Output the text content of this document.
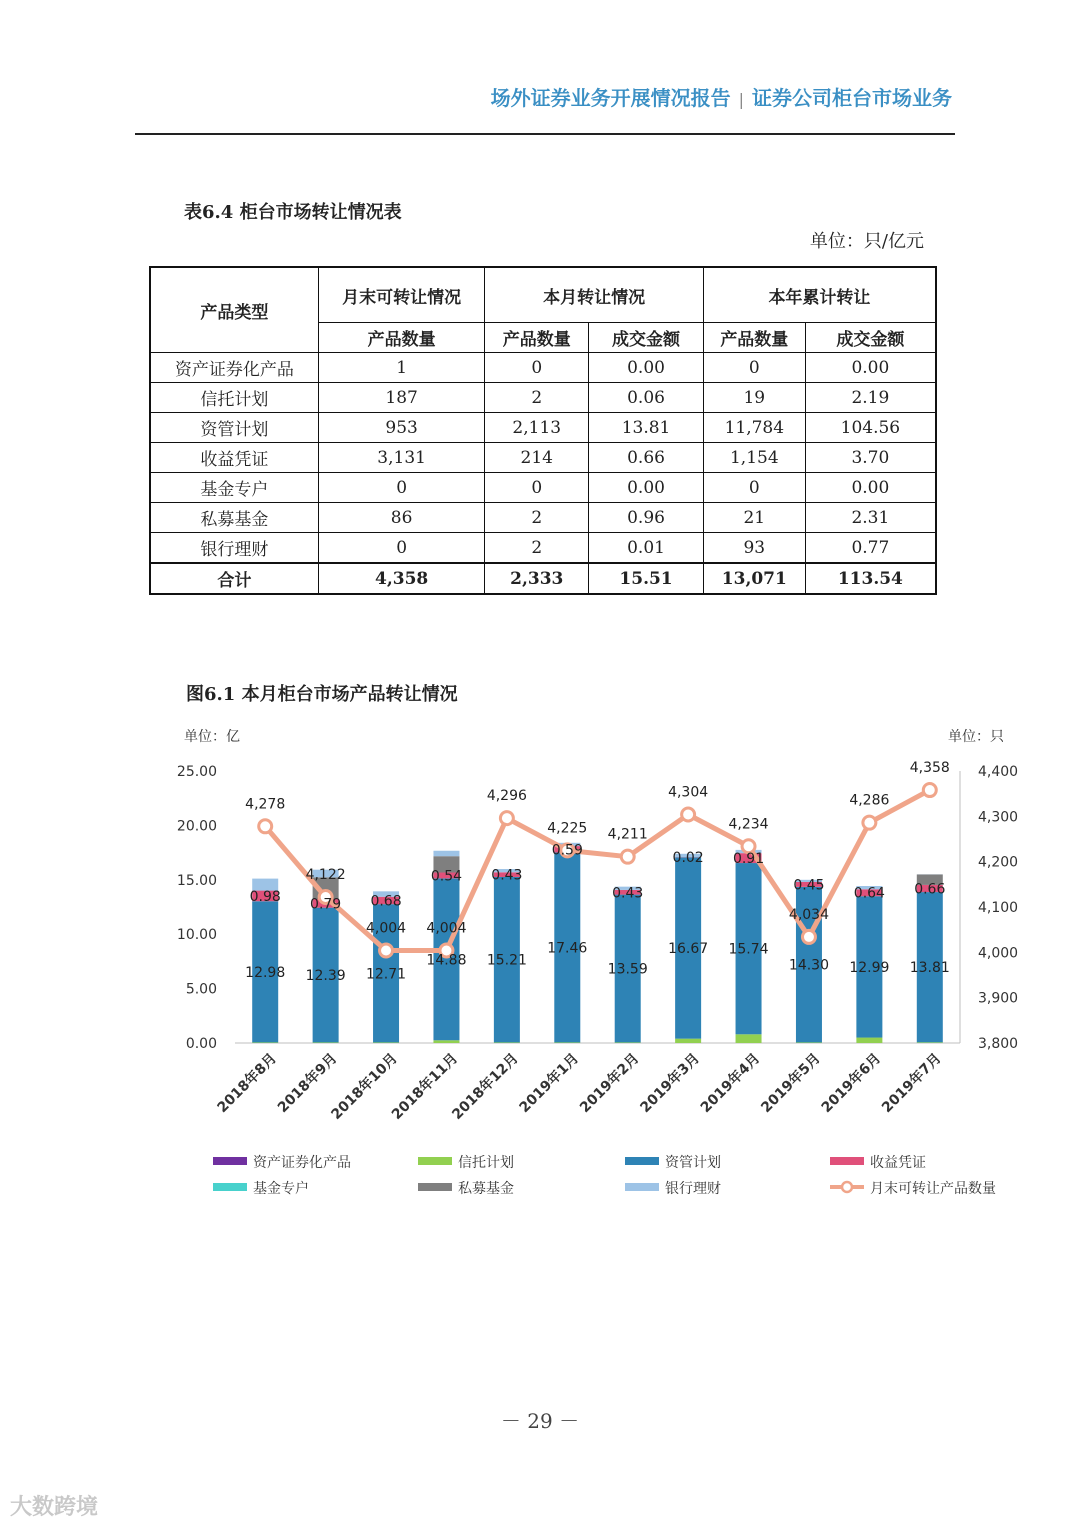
场外证券业务开展情况报告 | 证券公司柜台市场业务
表6.4 柜台市场转让情况表
单位：只/亿元
产品类型	月末可转让情况	本月转让情况		本年累计转让	
	产品数量	产品数量	成交金额	产品数量	成交金额
资产证券化产品	1	0	0.00	0	0.00
信托计划	187	2	0.06	19	2.19
资管计划	953	2,113	13.81	11,784	104.56
收益凭证	3,131	214	0.66	1,154	3.70
基金专户	0	0	0.00	0	0.00
私募基金	86	2	0.96	21	2.31
银行理财	0	2	0.01	93	0.77
合计	4,358	2,333	15.51	13,071	113.54
图6.1 本月柜台市场产品转让情况
单位：亿	单位：只
0.00
5.00
10.00
15.00
20.00
25.00
3,800
3,900
4,000
4,100
4,200
4,300
4,400
2018年8月
2018年9月
2018年10月
2018年11月
2018年12月
2019年1月
2019年2月
2019年3月
2019年4月
2019年5月
2019年6月
2019年7月
12.98
0.98
4,278
12.39
0.79
4,122
12.71
0.68
4,004
14.88
0.54
4,004
15.21
0.43
4,296
17.46
0.59
4,225
13.59
0.43
4,211
16.67
0.02
4,304
15.74
0.91
4,234
14.30
0.45
4,034
12.99
0.64
4,286
13.81
0.66
4,358
资产证券化产品	信托计划	资管计划	收益凭证
基金专户	私募基金	银行理财	月末可转让产品数量
－ 29 －
大数跨境
